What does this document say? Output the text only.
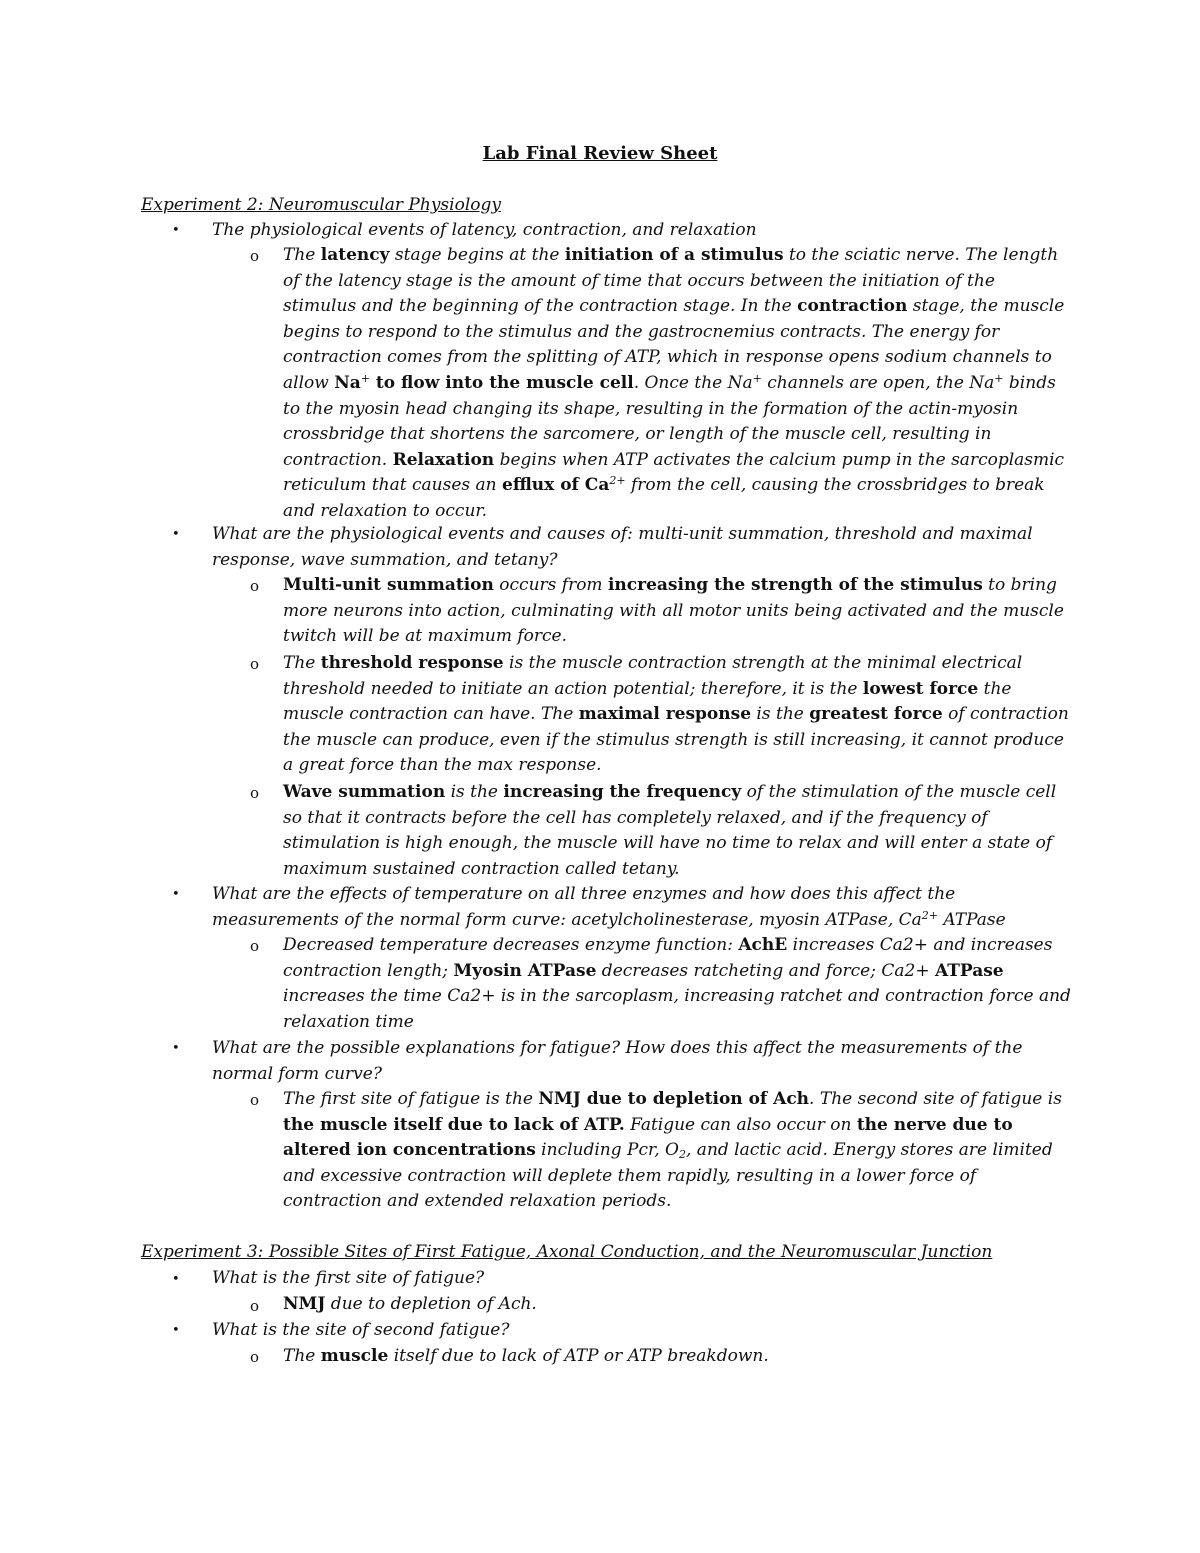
Lab Final Review Sheet
Experiment 2: Neuromuscular Physiology
• The physiological events of latency, contraction, and relaxation
o The latency stage begins at the initiation of a stimulus to the sciatic nerve. The length of the latency stage is the amount of time that occurs between the initiation of the stimulus and the beginning of the contraction stage. In the contraction stage, the muscle begins to respond to the stimulus and the gastrocnemius contracts. The energy for contraction comes from the splitting of ATP, which in response opens sodium channels to allow Na+ to flow into the muscle cell. Once the Na+ channels are open, the Na+ binds to the myosin head changing its shape, resulting in the formation of the actin-myosin crossbridge that shortens the sarcomere, or length of the muscle cell, resulting in contraction. Relaxation begins when ATP activates the calcium pump in the sarcoplasmic reticulum that causes an efflux of $Ca^{2+}$ from the cell, causing the crossbridges to break and relaxation to occur.
• What are the physiological events and causes of: multi-unit summation, threshold and maximal response, wave summation, and tetany?
o Multi-unit summation occurs from increasing the strength of the stimulus to bring more neurons into action, culminating with all motor units being activated and the muscle twitch will be at maximum force.
o The threshold response is the muscle contraction strength at the minimal electrical threshold needed to initiate an action potential; therefore, it is the lowest force the muscle contraction can have. The maximal response is the greatest force of contraction the muscle can produce, even if the stimulus strength is still increasing, it cannot produce a great force than the max response.
o Wave summation is the increasing the frequency of the stimulation of the muscle cell so that it contracts before the cell has completely relaxed, and if the frequency of stimulation is high enough, the muscle will have no time to relax and will enter a state of maximum sustained contraction called tetany.
• What are the effects of temperature on all three enzymes and how does this affect the measurements of the normal form curve: acetylcholinesterase, myosin ATPase, $Ca^{2+}$ ATPase
o Decreased temperature decreases enzyme function: AchE increases Ca2+ and increases contraction length; Myosin ATPase decreases ratcheting and force; Ca2+ ATPase increases the time Ca2+ is in the sarcoplasm, increasing ratchet and contraction force and relaxation time
• What are the possible explanations for fatigue? How does this affect the measurements of the normal form curve?
o The first site of fatigue is the NMJ due to depletion of Ach. The second site of fatigue is the muscle itself due to lack of ATP. Fatigue can also occur on the nerve due to altered ion concentrations including Pcr, $O_2$, and lactic acid. Energy stores are limited and excessive contraction will deplete them rapidly, resulting in a lower force of contraction and extended relaxation periods.
Experiment 3: Possible Sites of First Fatigue, Axonal Conduction, and the Neuromuscular Junction
• What is the first site of fatigue?
o NMJ due to depletion of Ach.
• What is the site of second fatigue?
o The muscle itself due to lack of ATP or ATP breakdown.
